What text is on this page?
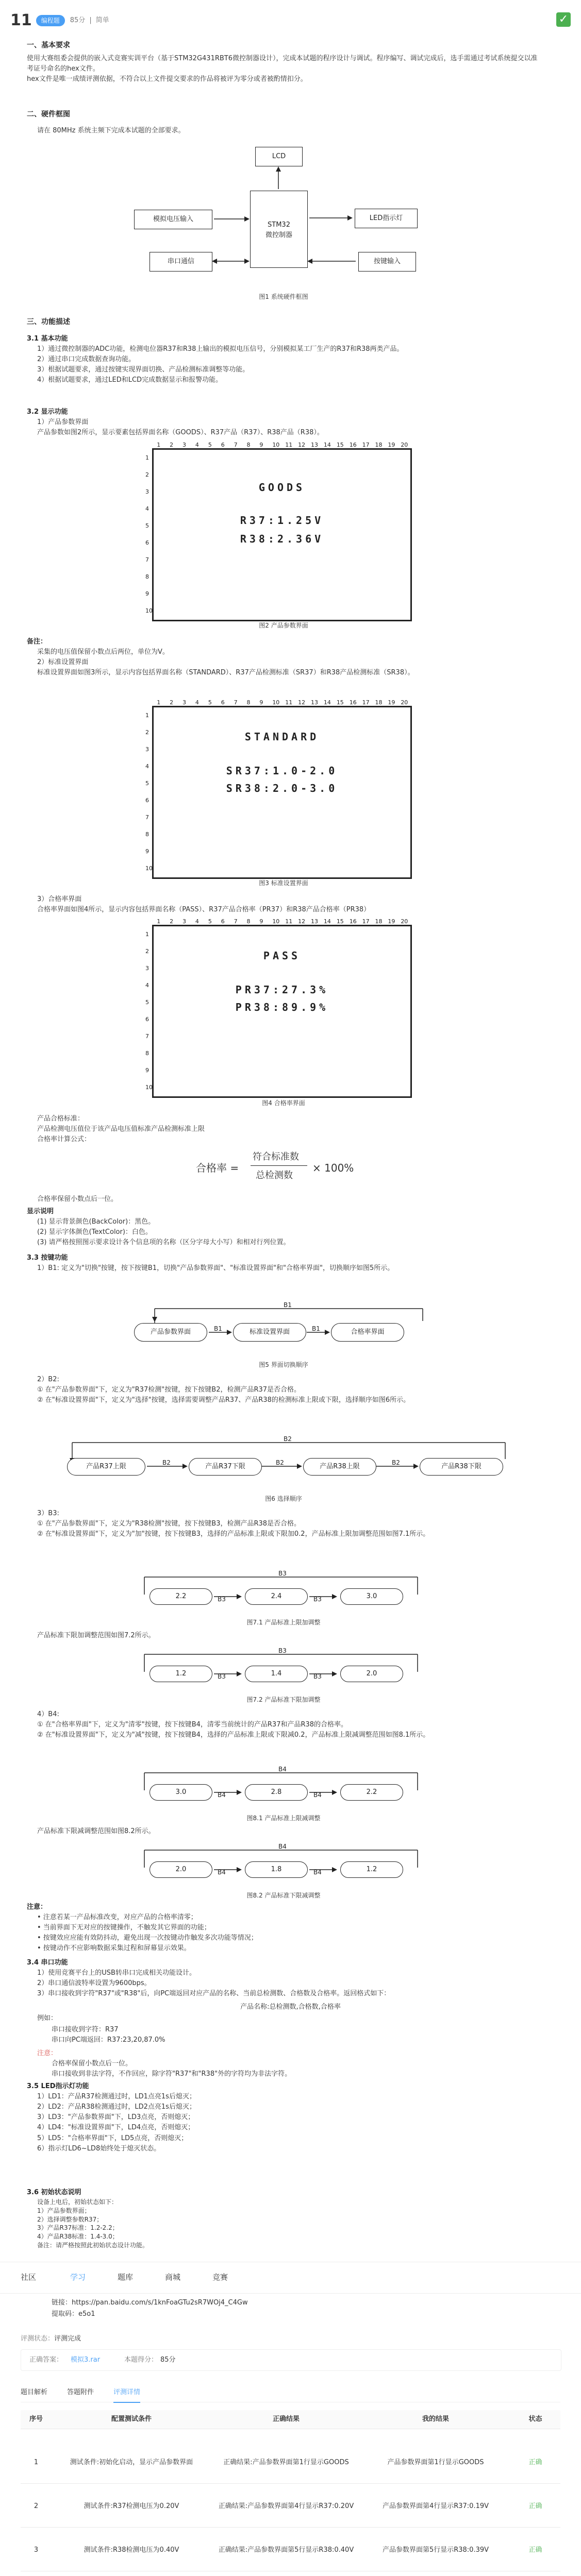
11	编程题	85分 | 简单	✓
一、基本要求
使用大赛组委会提供的嵌入式竞赛实训平台（基于STM32G431RBT6微控制器设计），完成本试题的程序设计与调试。程序编写、调试完成后，选手需通过考试系统提交以准考证号命名的hex文件。
hex文件是唯一成绩评测依据，不符合以上文件提交要求的作品将被评为零分或者被酌情扣分。
二、硬件框图
请在 80MHz 系统主频下完成本试题的全部要求。
LCD
模拟电压输入
STM32
微控制器
LED指示灯
串口通信	按键输入
图1 系统硬件框图
三、功能描述
3.1 基本功能
1）通过微控制器的ADC功能，检测电位器R37和R38上输出的模拟电压信号，分别模拟某工厂生产的R37和R38两类产品。
2）通过串口完成数据查询功能。
3）根据试题要求，通过按键实现界面切换、产品检测标准调整等功能。
4）根据试题要求，通过LED和LCD完成数据显示和报警功能。
3.2 显示功能
1）产品参数界面
产品参数如图2所示，显示要素包括界面名称（GOODS）、R37产品（R37）、R38产品（R38）。
1 2 3 4 5 6 7 8 9 10 11 12 13 14 15 16 17 18 19 20
1
2
3
4
5
6
7
8
9
10
GOODS
R37:1.25V
R38:2.36V
图2 产品参数界面
备注：
采集的电压值保留小数点后两位，单位为V。
2）标准设置界面
标准设置界面如图3所示，显示内容包括界面名称（STANDARD）、R37产品检测标准（SR37）和R38产品检测标准（SR38）。
1 2 3 4 5 6 7 8 9 10 11 12 13 14 15 16 17 18 19 20
1
2
3
4
5
6
7
8
9
10
STANDARD
SR37:1.0-2.0
SR38:2.0-3.0
图3 标准设置界面
3）合格率界面
合格率界面如图4所示，显示内容包括界面名称（PASS）、R37产品合格率（PR37）和R38产品合格率（PR38）
1 2 3 4 5 6 7 8 9 10 11 12 13 14 15 16 17 18 19 20
1
2
3
4
5
6
7
8
9
10
PASS
PR37:27.3%
PR38:89.9%
图4 合格率界面
产品合格标准：
产品检测电压值位于该产品电压值标准产品检测标准上限
合格率计算公式：
合格率 =
符合标准数
总检测数
× 100%
合格率保留小数点后一位。
显示说明
(1) 显示背景颜色(BackColor)：黑色。
(2) 显示字体颜色(TextColor)：白色。
(3) 请严格按照图示要求设计各个信息项的名称（区分字母大小写）和相对行列位置。
3.3 按键功能
1）B1: 定义为"切换"按键，按下按键B1，切换"产品参数界面"、"标准设置界面"和"合格率界面"，切换顺序如图5所示。
B1
B1	B1
产品参数界面	标准设置界面	合格率界面
图5 界面切换顺序
2）B2:
① 在"产品参数界面"下，定义为"R37检测"按键，按下按键B2，检测产品R37是否合格。
② 在"标准设置界面"下，定义为"选择"按键，选择需要调整产品R37、产品R38的检测标准上限或下限，选择顺序如图6所示。
B2
B2	B2	B2
产品R37上限	产品R37下限	产品R38上限	产品R38下限
图6 选择顺序
3）B3:
① 在"产品参数界面"下，定义为"R38检测"按键，按下按键B3，检测产品R38是否合格。
② 在"标准设置界面"下，定义为"加"按键，按下按键B3，选择的产品标准上限或下限加0.2，产品标准上限加调整范围如图7.1所示。
B3
B3	B3
2.2	2.4	3.0
图7.1 产品标准上限加调整
产品标准下限加调整范围如图7.2所示。
B3
B3	B3
1.2	1.4	2.0
图7.2 产品标准下限加调整
4）B4:
① 在"合格率界面"下，定义为"清零"按键，按下按键B4，清零当前统计的产品R37和产品R38的合格率。
② 在"标准设置界面"下，定义为"减"按键，按下按键B4，选择的产品标准上限或下限减0.2，产品标准上限减调整范围如图8.1所示。
B4
B4	B4
3.0	2.8	2.2
图8.1 产品标准上限减调整
产品标准下限减调整范围如图8.2所示。
B4
B4	B4
2.0	1.8	1.2
图8.2 产品标准下限减调整
注意：
• 注意若某一产品标准改变，对应产品的合格率清零；
• 当前界面下无对应的按键操作，不触发其它界面的功能；
• 按键效应应能有效防抖动，避免出现一次按键动作触发多次功能等情况；
• 按键动作不应影响数据采集过程和屏幕显示效果。
3.4 串口功能
1）使用竞赛平台上的USB转串口完成相关功能设计。
2）串口通信波特率设置为9600bps。
3）串口接收到字符"R37"或"R38"后，向PC端返回对应产品的名称、当前总检测数、合格数及合格率。返回格式如下：
产品名称:总检测数,合格数,合格率
例如：
串口接收到字符：R37
串口向PC端返回：R37:23,20,87.0%
注意：
合格率保留小数点后一位。
串口接收到非法字符，不作回应，除字符"R37"和"R38"外的字符均为非法字符。
3.5 LED指示灯功能
1）LD1：产品R37检测通过时，LD1点亮1s后熄灭；
2）LD2：产品R38检测通过时，LD2点亮1s后熄灭；
3）LD3："产品参数界面"下，LD3点亮，否则熄灭；
4）LD4："标准设置界面"下，LD4点亮，否则熄灭；
5）LD5："合格率界面"下，LD5点亮，否则熄灭；
6）指示灯LD6~LD8始终处于熄灭状态。
社区	学习	题库	商城	竞赛
3.6 初始状态说明
设备上电后，初始状态如下：
1）产品参数界面；
2）选择调整参数R37；
3）产品R37标准：1.2-2.2；
4）产品R38标准：1.4-3.0；
备注：请严格按照此初始状态设计功能。
链接：https://pan.baidu.com/s/1knFoaGTu2sR7WOj4_C4Gw
提取码：e5o1
评测状态：评测完成
正确答案： 模拟3.rar	本题得分： 85分
题目解析	答题附件	评测详情
序号	配置测试条件	正确结果	我的结果	状态
1	测试条件:初始化启动，显示产品参数界面	正确结果:产品参数界面第1行显示GOODS	产品参数界面第1行显示GOODS	正确
2	测试条件:R37检测电压为0.20V	正确结果:产品参数界面第4行显示R37:0.20V	产品参数界面第4行显示R37:0.19V	正确
3	测试条件:R38检测电压为0.40V	正确结果:产品参数界面第5行显示R38:0.40V	产品参数界面第5行显示R38:0.39V	正确
